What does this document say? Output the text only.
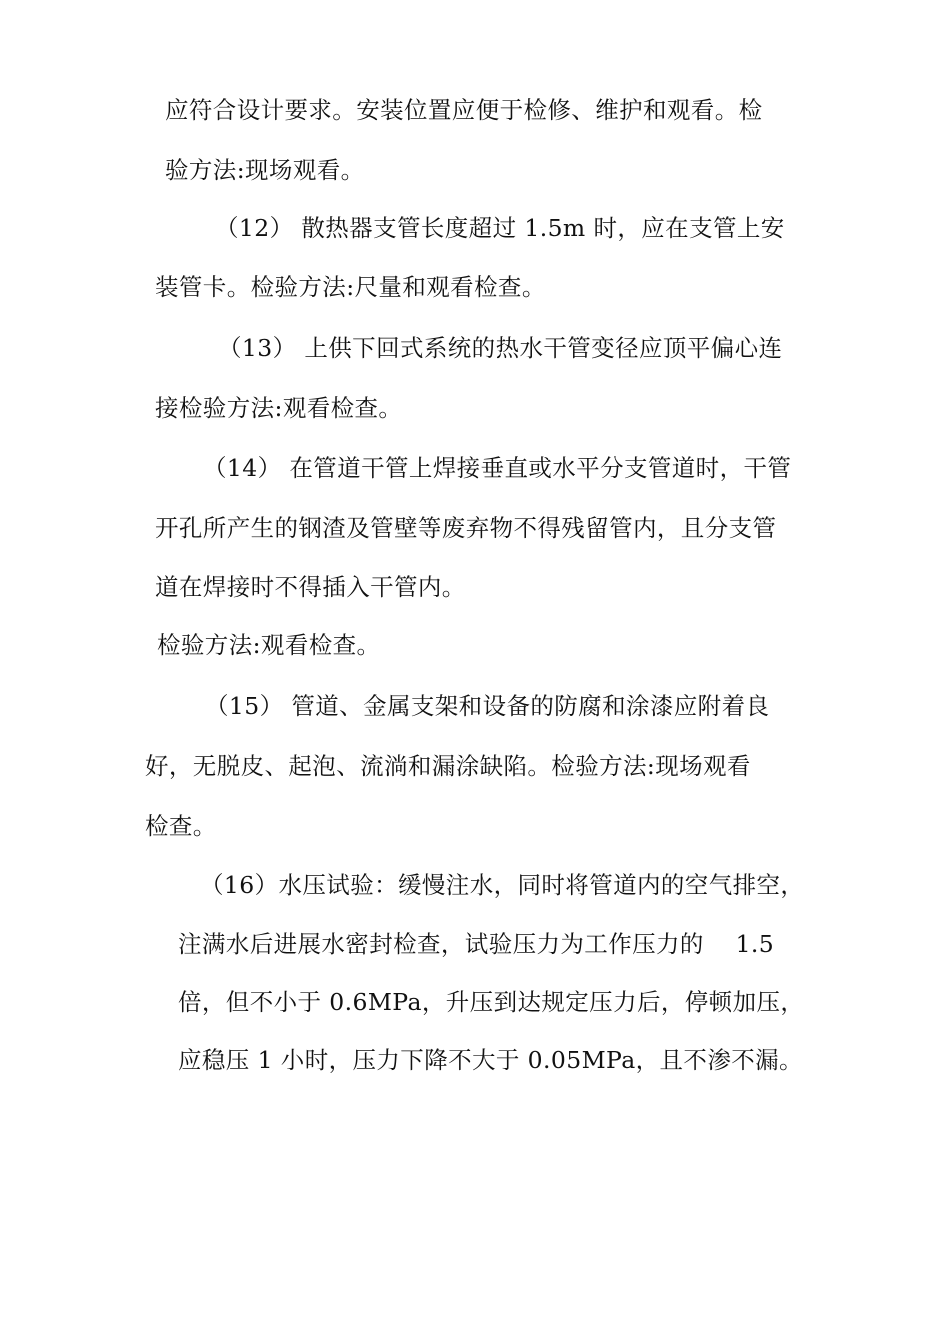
应符合设计要求。安装位置应便于检修、维护和观看。检
验方法:现场观看。
（12） 散热器支管长度超过 1.5m 时，应在支管上安
装管卡。检验方法:尺量和观看检查。
（13） 上供下回式系统的热水干管变径应顶平偏心连
接检验方法:观看检查。
（14） 在管道干管上焊接垂直或水平分支管道时，干管
开孔所产生的钢渣及管壁等废弃物不得残留管内，且分支管
道在焊接时不得插入干管内。
检验方法:观看检查。
（15） 管道、金属支架和设备的防腐和涂漆应附着良
好，无脱皮、起泡、流淌和漏涂缺陷。检验方法:现场观看
检查。
（16）水压试验：缓慢注水，同时将管道内的空气排空，
注满水后进展水密封检查，试验压力为工作压力的　 1.5
倍，但不小于 0.6MPa，升压到达规定压力后，停顿加压，
应稳压 1 小时，压力下降不大于 0.05MPa，且不渗不漏。
